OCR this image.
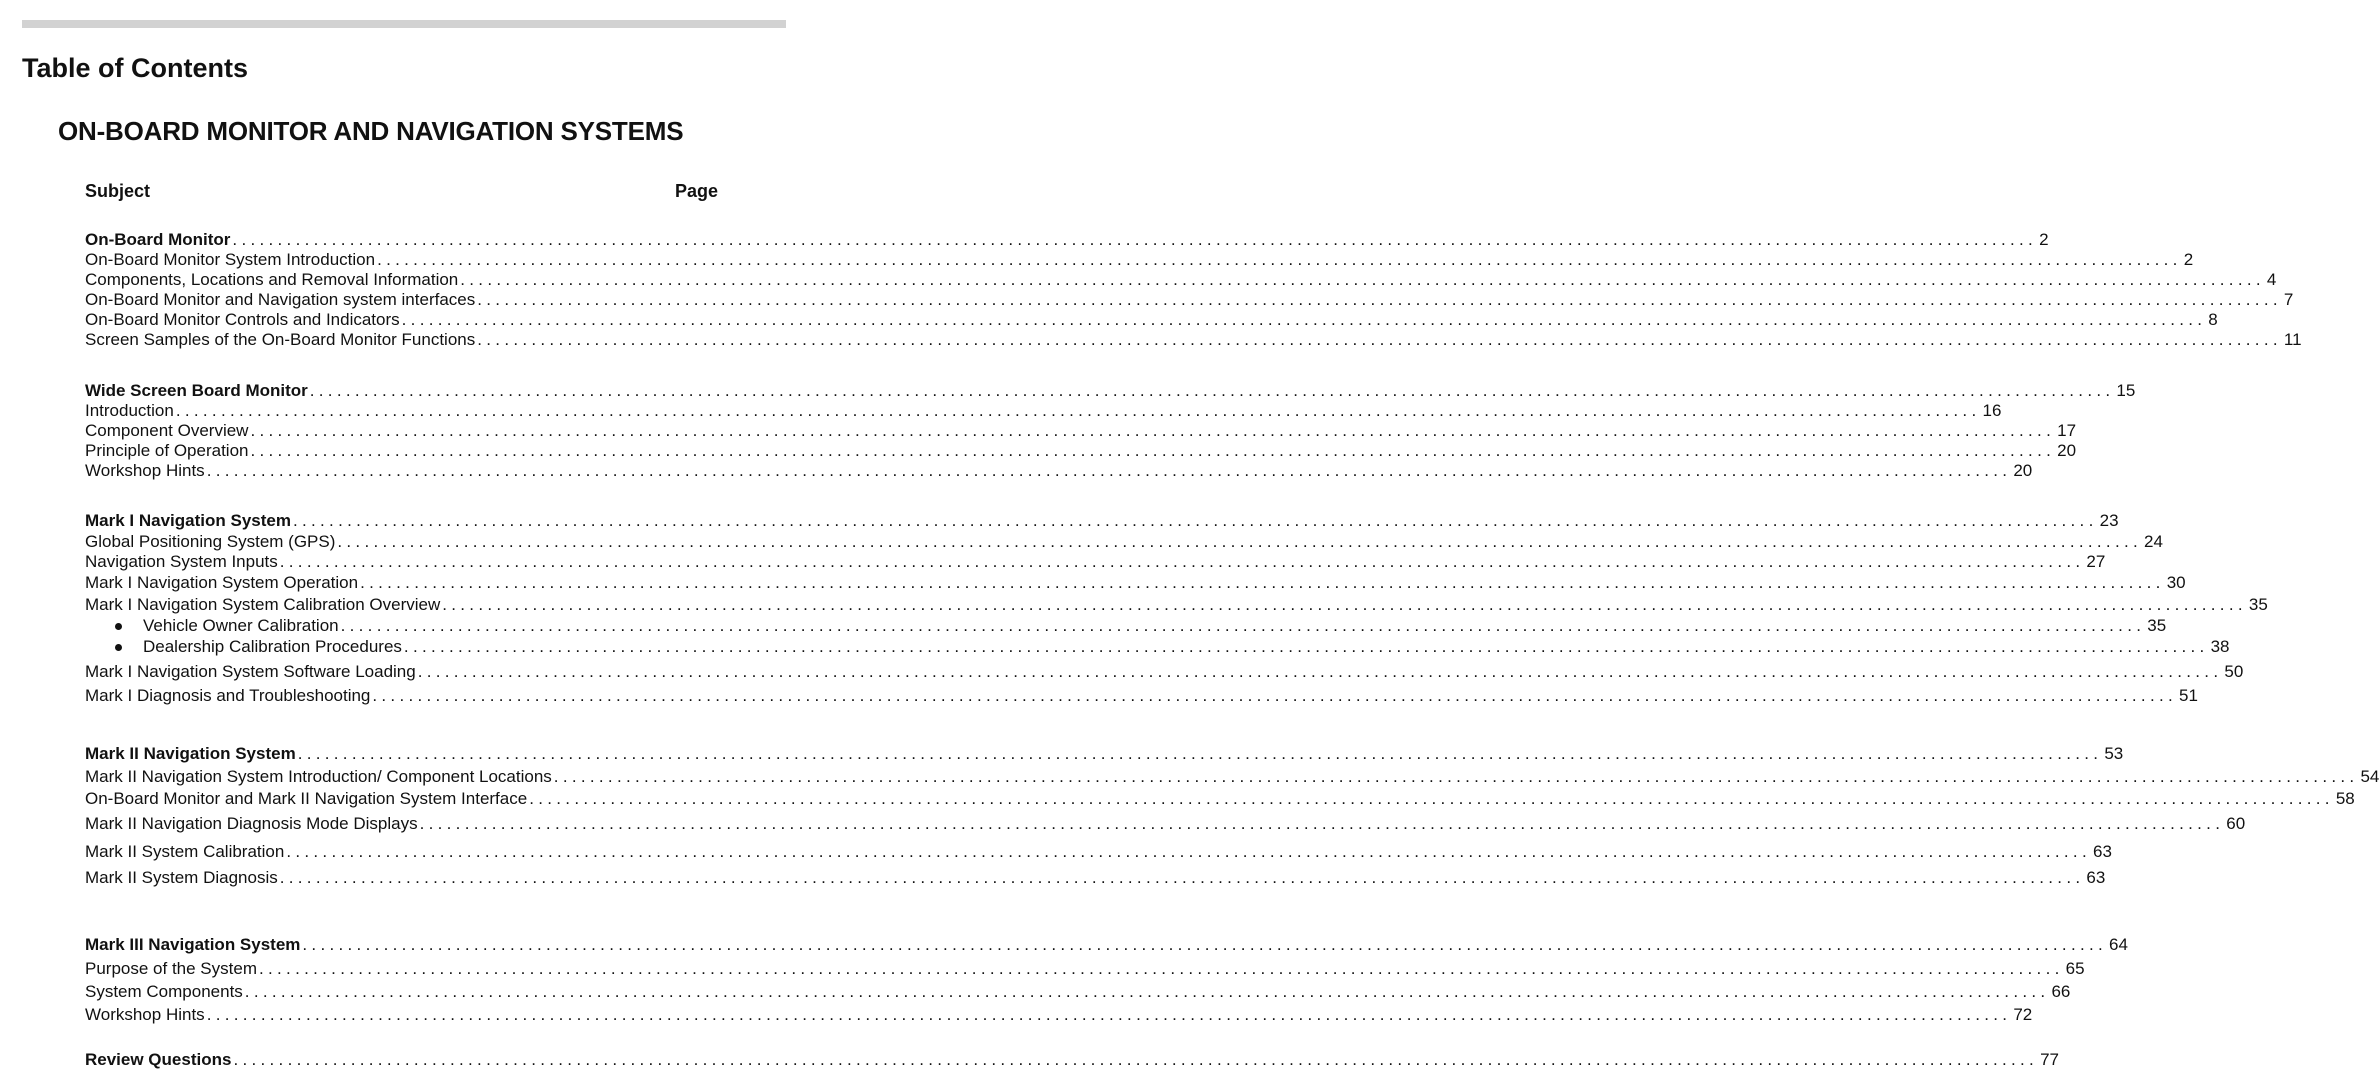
Table of Contents
ON-BOARD MONITOR AND NAVIGATION SYSTEMS
Subject	Page
On-Board Monitor ........................................................................................................................................................................................................ 2
On-Board Monitor System Introduction ........................................................................................................................................................................................................ 2
Components, Locations and Removal Information ........................................................................................................................................................................................................ 4
On-Board Monitor and Navigation system interfaces ........................................................................................................................................................................................................ 7
On-Board Monitor Controls and Indicators ........................................................................................................................................................................................................ 8
Screen Samples of the On-Board Monitor Functions ........................................................................................................................................................................................................ 11
Wide Screen Board Monitor ........................................................................................................................................................................................................ 15
Introduction ........................................................................................................................................................................................................ 16
Component Overview ........................................................................................................................................................................................................ 17
Principle of Operation ........................................................................................................................................................................................................ 20
Workshop Hints ........................................................................................................................................................................................................ 20
Mark I Navigation System ........................................................................................................................................................................................................ 23
Global Positioning System (GPS) ........................................................................................................................................................................................................ 24
Navigation System Inputs ........................................................................................................................................................................................................ 27
Mark I Navigation System Operation ........................................................................................................................................................................................................ 30
Mark I Navigation System Calibration Overview ........................................................................................................................................................................................................ 35
Vehicle Owner Calibration ........................................................................................................................................................................................................ 35
Dealership Calibration Procedures ........................................................................................................................................................................................................ 38
Mark I Navigation System Software Loading ........................................................................................................................................................................................................ 50
Mark I Diagnosis and Troubleshooting ........................................................................................................................................................................................................ 51
Mark II Navigation System ........................................................................................................................................................................................................ 53
Mark II Navigation System Introduction/ Component Locations ........................................................................................................................................................................................................ 54
On-Board Monitor and Mark II Navigation System Interface ........................................................................................................................................................................................................ 58
Mark II Navigation Diagnosis Mode Displays ........................................................................................................................................................................................................ 60
Mark II System Calibration ........................................................................................................................................................................................................ 63
Mark II System Diagnosis ........................................................................................................................................................................................................ 63
Mark III Navigation System ........................................................................................................................................................................................................ 64
Purpose of the System ........................................................................................................................................................................................................ 65
System Components ........................................................................................................................................................................................................ 66
Workshop Hints ........................................................................................................................................................................................................ 72
Review Questions ........................................................................................................................................................................................................ 77
